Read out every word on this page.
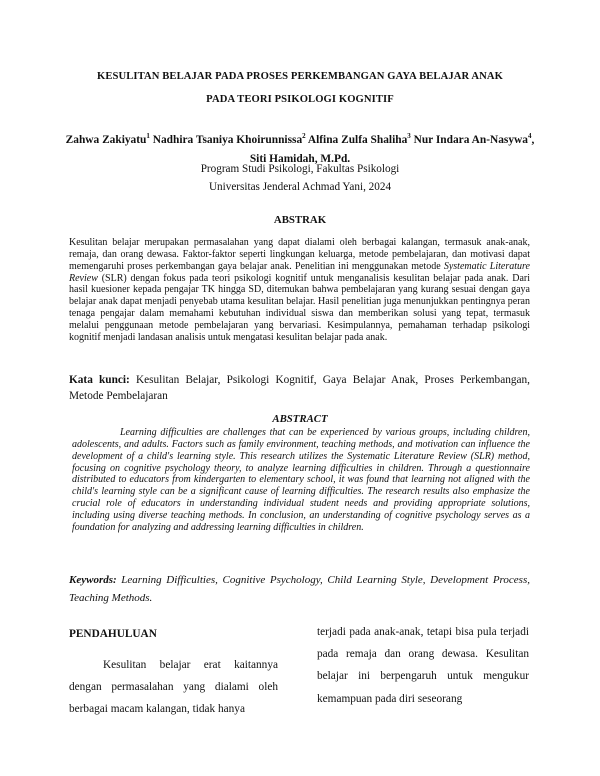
KESULITAN BELAJAR PADA PROSES PERKEMBANGAN GAYA BELAJAR ANAK
PADA TEORI PSIKOLOGI KOGNITIF
Zahwa Zakiyatu$^1$ Nadhira Tsaniya Khoirunnissa$^2$ Alfina Zulfa Shaliha$^3$ Nur Indara An-Nasywa$^4$, Siti Hamidah, M.Pd.
Program Studi Psikologi, Fakultas Psikologi
Universitas Jenderal Achmad Yani, 2024
ABSTRAK

Kesulitan belajar merupakan permasalahan yang dapat dialami oleh berbagai kalangan, termasuk anak-anak, remaja, dan orang dewasa. Faktor-faktor seperti lingkungan keluarga, metode pembelajaran, dan motivasi dapat memengaruhi proses perkembangan gaya belajar anak. Penelitian ini menggunakan metode Systematic Literature Review (SLR) dengan fokus pada teori psikologi kognitif untuk menganalisis kesulitan belajar pada anak. Dari hasil kuesioner kepada pengajar TK hingga SD, ditemukan bahwa pembelajaran yang kurang sesuai dengan gaya belajar anak dapat menjadi penyebab utama kesulitan belajar. Hasil penelitian juga menunjukkan pentingnya peran tenaga pengajar dalam memahami kebutuhan individual siswa dan memberikan solusi yang tepat, termasuk melalui penggunaan metode pembelajaran yang bervariasi. Kesimpulannya, pemahaman terhadap psikologi kognitif menjadi landasan analisis untuk mengatasi kesulitan belajar pada anak.

Kata kunci: Kesulitan Belajar, Psikologi Kognitif, Gaya Belajar Anak, Proses Perkembangan, Metode Pembelajaran

ABSTRACT

Learning difficulties are challenges that can be experienced by various groups, including children, adolescents, and adults. Factors such as family environment, teaching methods, and motivation can influence the development of a child's learning style. This research utilizes the Systematic Literature Review (SLR) method, focusing on cognitive psychology theory, to analyze learning difficulties in children. Through a questionnaire distributed to educators from kindergarten to elementary school, it was found that learning not aligned with the child's learning style can be a significant cause of learning difficulties. The research results also emphasize the crucial role of educators in understanding individual student needs and providing appropriate solutions, including using diverse teaching methods. In conclusion, an understanding of cognitive psychology serves as a foundation for analyzing and addressing learning difficulties in children.

Keywords: Learning Difficulties, Cognitive Psychology, Child Learning Style, Development Process, Teaching Methods.

PENDAHULUAN

Kesulitan belajar erat kaitannya dengan permasalahan yang dialami oleh berbagai macam kalangan, tidak hanya

terjadi pada anak-anak, tetapi bisa pula terjadi pada remaja dan orang dewasa. Kesulitan belajar ini berpengaruh untuk mengukur kemampuan pada diri seseorang
